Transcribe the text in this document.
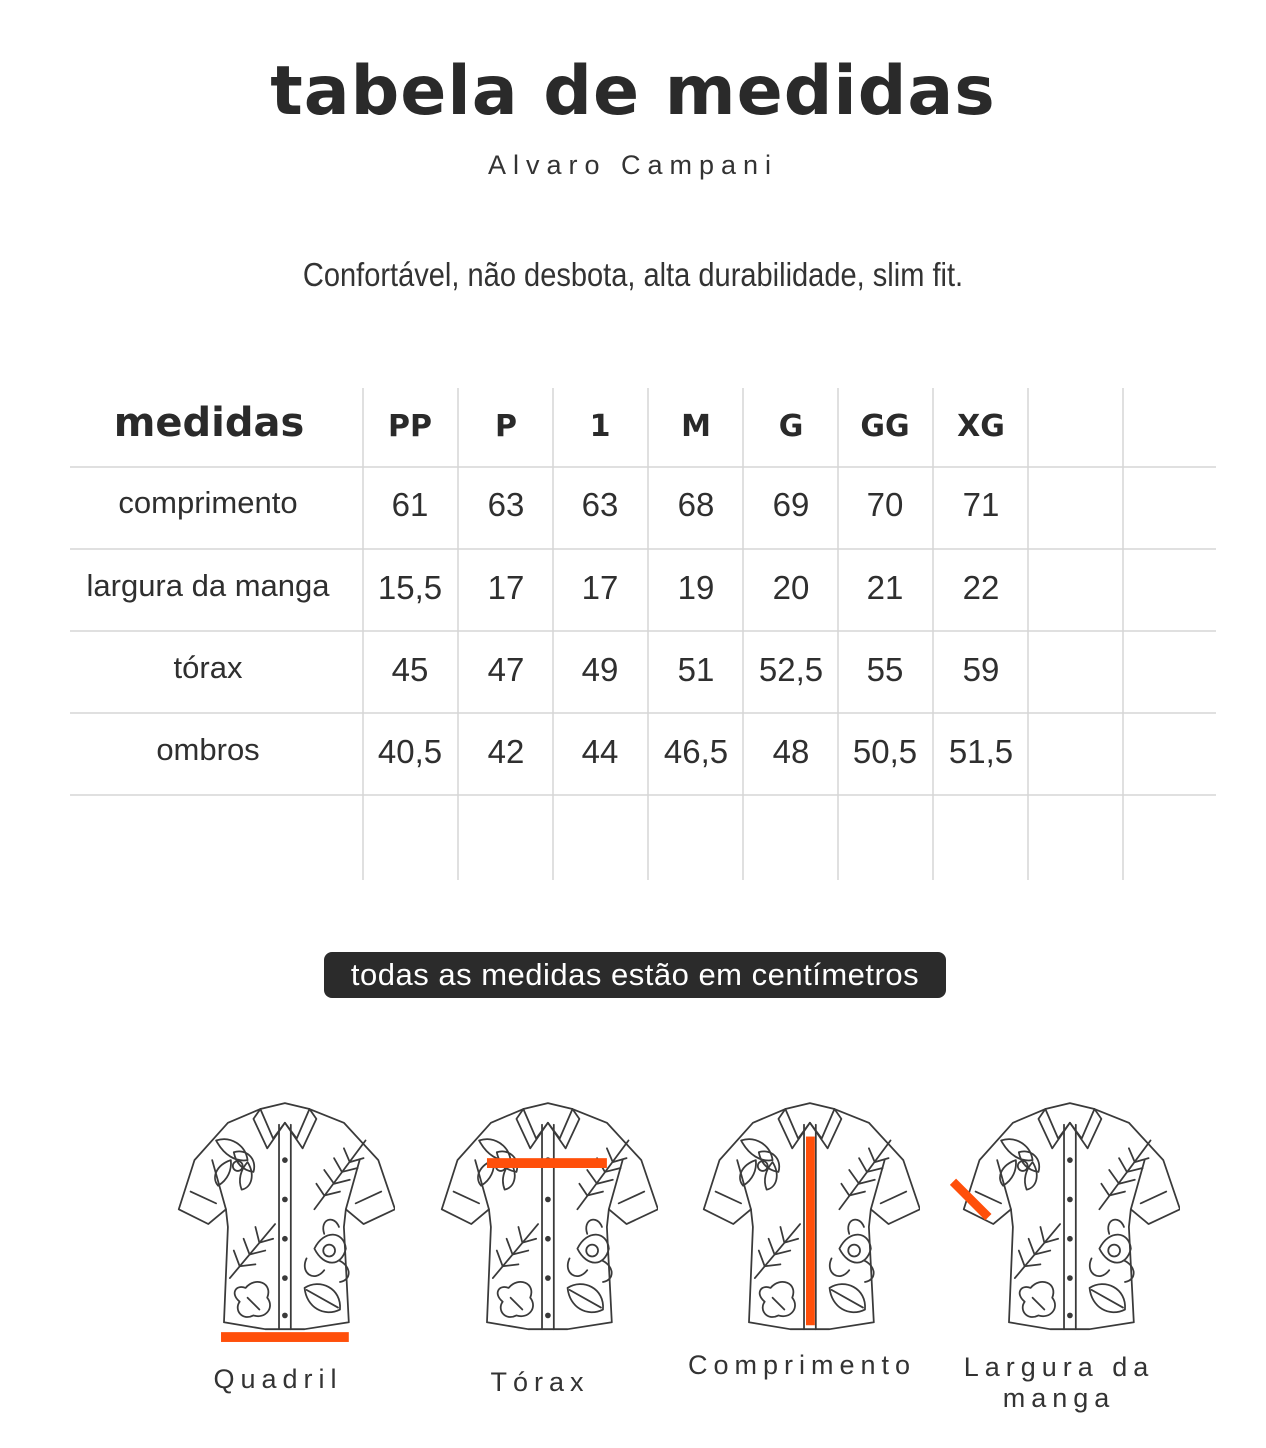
tabela de medidas
Alvaro Campani
Confortável, não desbota, alta durabilidade, slim fit.
medidas	PP	P	1	M	G	GG	XG
comprimento	61	63	63	68	69	70	71
largura da manga	15,5	17	17	19	20	21	22
tórax	45	47	49	51	52,5	55	59
ombros	40,5	42	44	46,5	48	50,5 51,5
todas as medidas estão em centímetros
Quadril	Tórax
Comprimento	Largura da manga
